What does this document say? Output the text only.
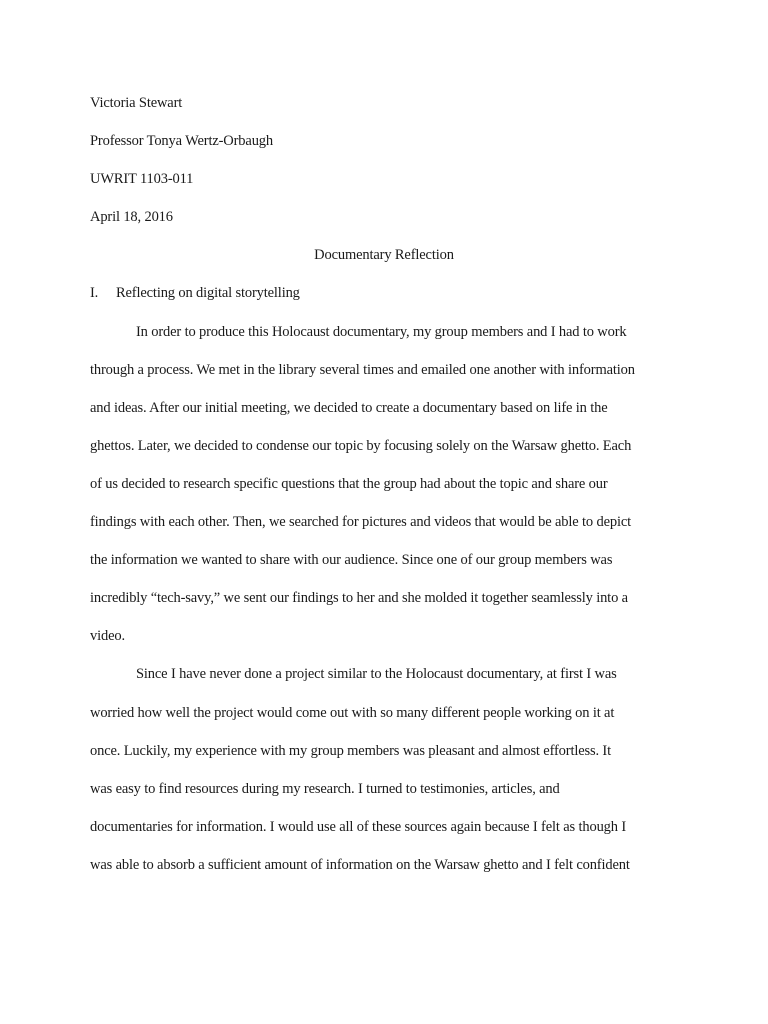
Victoria Stewart

Professor Tonya Wertz-Orbaugh

UWRIT 1103-011

April 18, 2016

Documentary Reflection

I. Reflecting on digital storytelling

In order to produce this Holocaust documentary, my group members and I had to work

through a process. We met in the library several times and emailed one another with information

and ideas. After our initial meeting, we decided to create a documentary based on life in the

ghettos. Later, we decided to condense our topic by focusing solely on the Warsaw ghetto. Each

of us decided to research specific questions that the group had about the topic and share our

findings with each other. Then, we searched for pictures and videos that would be able to depict

the information we wanted to share with our audience. Since one of our group members was

incredibly “tech-savy,” we sent our findings to her and she molded it together seamlessly into a

video.

Since I have never done a project similar to the Holocaust documentary, at first I was

worried how well the project would come out with so many different people working on it at

once. Luckily, my experience with my group members was pleasant and almost effortless. It

was easy to find resources during my research. I turned to testimonies, articles, and

documentaries for information. I would use all of these sources again because I felt as though I

was able to absorb a sufficient amount of information on the Warsaw ghetto and I felt confident
